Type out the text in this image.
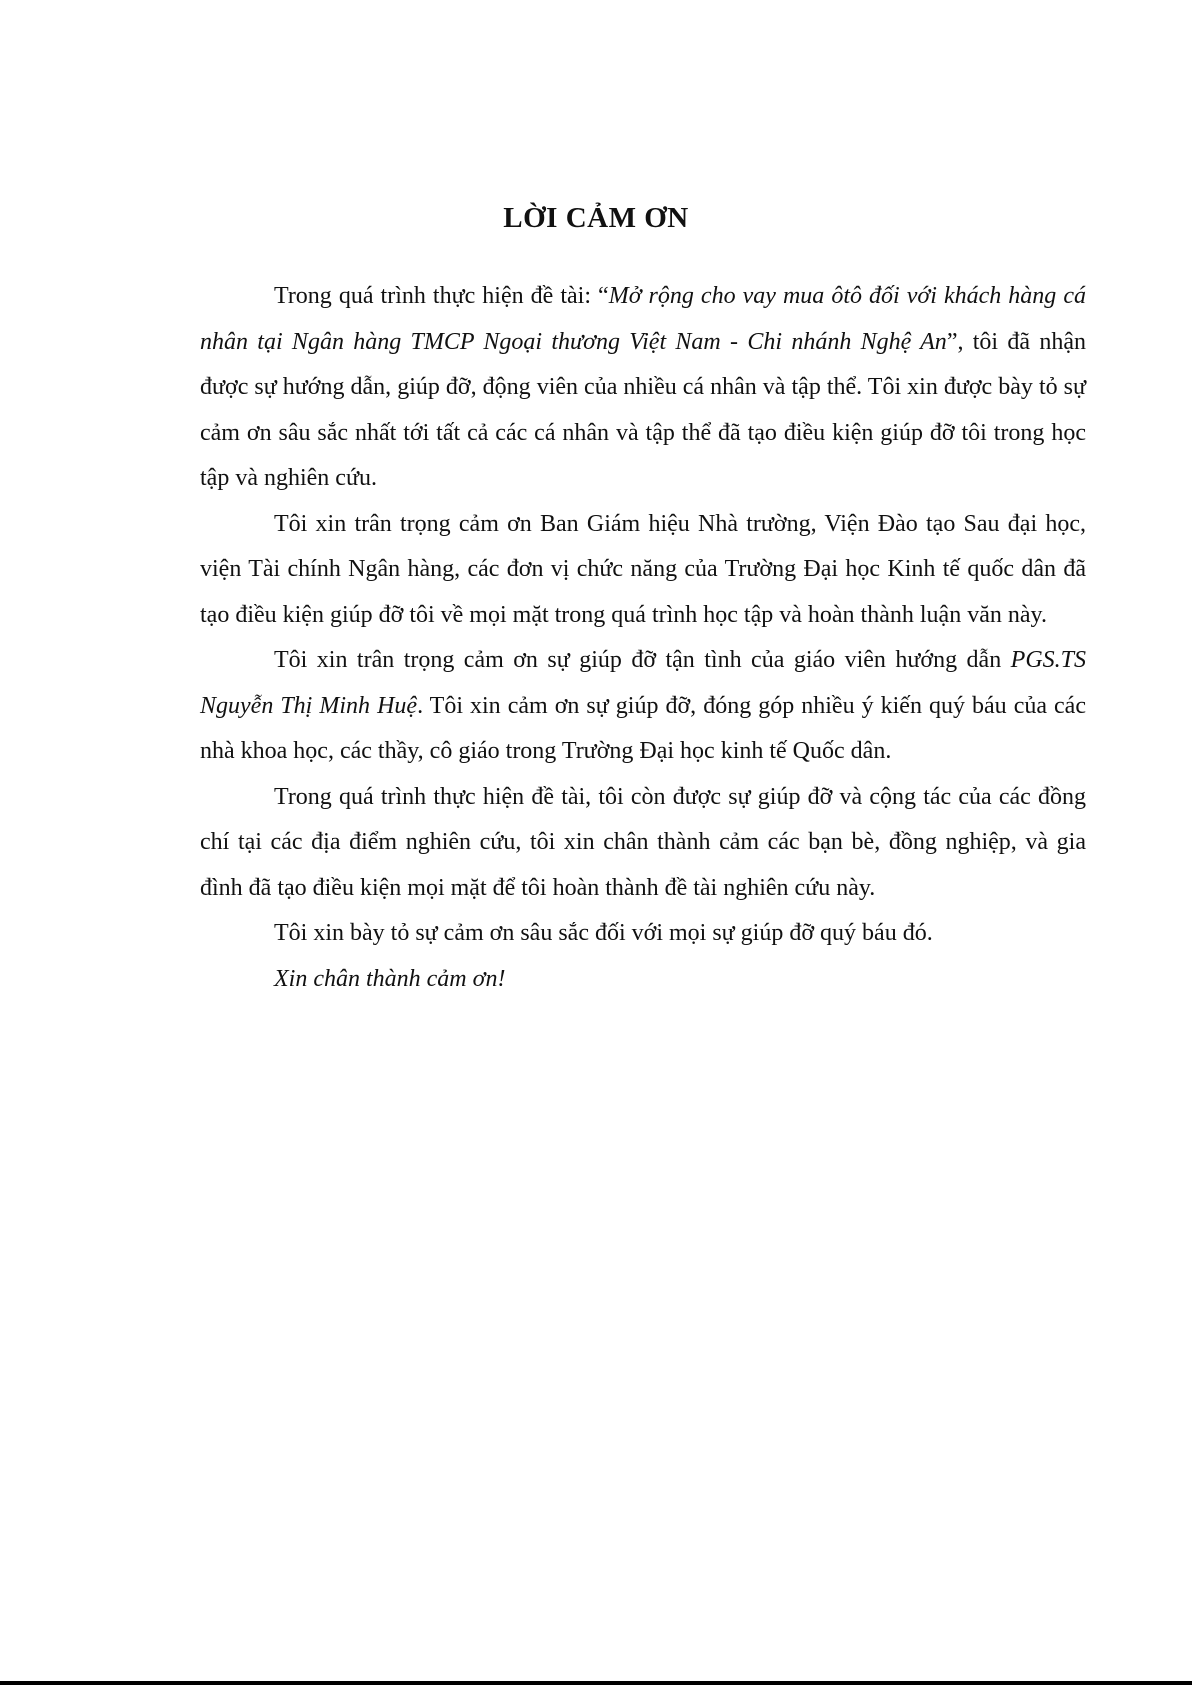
LỜI CẢM ƠN

Trong quá trình thực hiện đề tài: “Mở rộng cho vay mua ôtô đối với khách hàng cá nhân tại Ngân hàng TMCP Ngoại thương Việt Nam - Chi nhánh Nghệ An”, tôi đã nhận được sự hướng dẫn, giúp đỡ, động viên của nhiều cá nhân và tập thể. Tôi xin được bày tỏ sự cảm ơn sâu sắc nhất tới tất cả các cá nhân và tập thể đã tạo điều kiện giúp đỡ tôi trong học tập và nghiên cứu.

Tôi xin trân trọng cảm ơn Ban Giám hiệu Nhà trường, Viện Đào tạo Sau đại học, viện Tài chính Ngân hàng, các đơn vị chức năng của Trường Đại học Kinh tế quốc dân đã tạo điều kiện giúp đỡ tôi về mọi mặt trong quá trình học tập và hoàn thành luận văn này.

Tôi xin trân trọng cảm ơn sự giúp đỡ tận tình của giáo viên hướng dẫn PGS.TS Nguyễn Thị Minh Huệ. Tôi xin cảm ơn sự giúp đỡ, đóng góp nhiều ý kiến quý báu của các nhà khoa học, các thầy, cô giáo trong Trường Đại học kinh tế Quốc dân.

Trong quá trình thực hiện đề tài, tôi còn được sự giúp đỡ và cộng tác của các đồng chí tại các địa điểm nghiên cứu, tôi xin chân thành cảm các bạn bè, đồng nghiệp, và gia đình đã tạo điều kiện mọi mặt để tôi hoàn thành đề tài nghiên cứu này.

Tôi xin bày tỏ sự cảm ơn sâu sắc đối với mọi sự giúp đỡ quý báu đó.

Xin chân thành cảm ơn!
